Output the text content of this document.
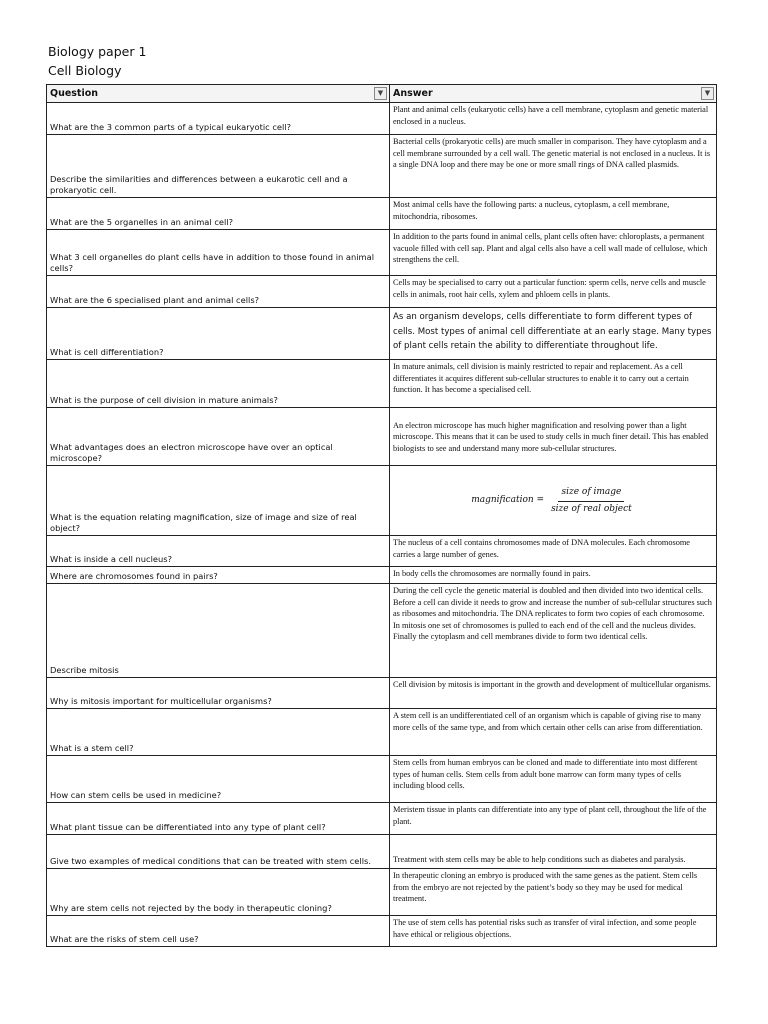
Biology paper 1
Cell Biology
Question ▼	Answer ▼

What are the 3 common parts of a typical eukaryotic cell?	Plant and animal cells (eukaryotic cells) have a cell membrane, cytoplasm and genetic material enclosed in a nucleus.
Describe the similarities and differences between a eukarotic cell and a prokaryotic cell.	Bacterial cells (prokaryotic cells) are much smaller in comparison. They have cytoplasm and a cell membrane surrounded by a cell wall. The genetic material is not enclosed in a nucleus. It is a single DNA loop and there may be one or more small rings of DNA called plasmids.
What are the 5 organelles in an animal cell?	Most animal cells have the following parts: a nucleus, cytoplasm, a cell membrane, mitochondria, ribosomes.
What 3 cell organelles do plant cells have in addition to those found in animal cells?	In addition to the parts found in animal cells, plant cells often have: chloroplasts, a permanent vacuole filled with cell sap. Plant and algal cells also have a cell wall made of cellulose, which strengthens the cell.
What are the 6 specialised plant and animal cells?	Cells may be specialised to carry out a particular function: sperm cells, nerve cells and muscle cells in animals, root hair cells, xylem and phloem cells in plants.
What is cell differentiation?	As an organism develops, cells differentiate to form different types of cells. Most types of animal cell differentiate at an early stage. Many types of plant cells retain the ability to differentiate throughout life.
What is the purpose of cell division in mature animals?	In mature animals, cell division is mainly restricted to repair and replacement. As a cell differentiates it acquires different sub-cellular structures to enable it to carry out a certain function. It has become a specialised cell.
What advantages does an electron microscope have over an optical microscope?	An electron microscope has much higher magnification and resolving power than a light microscope. This means that it can be used to study cells in much finer detail. This has enabled biologists to see and understand many more sub-cellular structures.
What is the equation relating magnification, size of image and size of real object?	magnification = $\frac{\text{size of image}}{\text{size of real object}}$

What is inside a cell nucleus?	The nucleus of a cell contains chromosomes made of DNA molecules. Each chromosome carries a large number of genes.
Where are chromosomes found in pairs?	In body cells the chromosomes are normally found in pairs.
Describe mitosis	During the cell cycle the genetic material is doubled and then divided into two identical cells. Before a cell can divide it needs to grow and increase the number of sub-cellular structures such as ribosomes and mitochondria. The DNA replicates to form two copies of each chromosome. In mitosis one set of chromosomes is pulled to each end of the cell and the nucleus divides. Finally the cytoplasm and cell membranes divide to form two identical cells.
Why is mitosis important for multicellular organisms?	Cell division by mitosis is important in the growth and development of multicellular organisms.
What is a stem cell?	A stem cell is an undifferentiated cell of an organism which is capable of giving rise to many more cells of the same type, and from which certain other cells can arise from differentiation.
How can stem cells be used in medicine?	Stem cells from human embryos can be cloned and made to differentiate into most different types of human cells. Stem cells from adult bone marrow can form many types of cells including blood cells.
What plant tissue can be differentiated into any type of plant cell?	Meristem tissue in plants can differentiate into any type of plant cell, throughout the life of the plant.
Give two examples of medical conditions that can be treated with stem cells.	Treatment with stem cells may be able to help conditions such as diabetes and paralysis.
Why are stem cells not rejected by the body in therapeutic cloning?	In therapeutic cloning an embryo is produced with the same genes as the patient. Stem cells from the embryo are not rejected by the patient’s body so they may be used for medical treatment.
What are the risks of stem cell use?	The use of stem cells has potential risks such as transfer of viral infection, and some people have ethical or religious objections.
